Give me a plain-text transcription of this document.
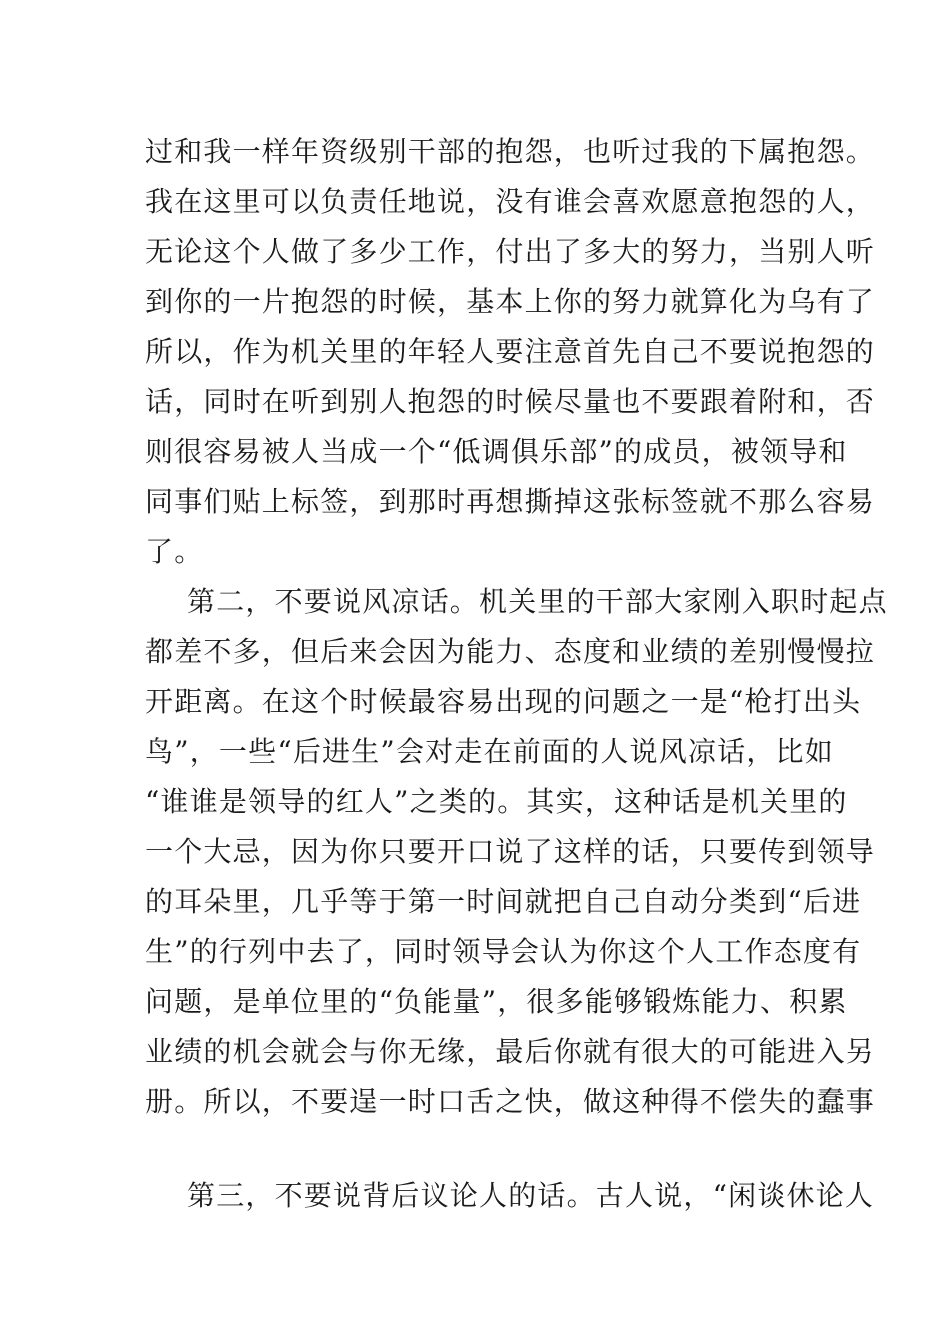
过和我一样年资级别干部的抱怨，也听过我的下属抱怨。
我在这里可以负责任地说，没有谁会喜欢愿意抱怨的人，
无论这个人做了多少工作，付出了多大的努力，当别人听
到你的一片抱怨的时候，基本上你的努力就算化为乌有了
所以，作为机关里的年轻人要注意首先自己不要说抱怨的
话，同时在听到别人抱怨的时候尽量也不要跟着附和，否
则很容易被人当成一个“低调俱乐部”的成员，被领导和
同事们贴上标签，到那时再想撕掉这张标签就不那么容易
了。
第二，不要说风凉话。机关里的干部大家刚入职时起点
都差不多，但后来会因为能力、态度和业绩的差别慢慢拉
开距离。在这个时候最容易出现的问题之一是“枪打出头
鸟”，一些“后进生”会对走在前面的人说风凉话，比如
“谁谁是领导的红人”之类的。其实，这种话是机关里的
一个大忌，因为你只要开口说了这样的话，只要传到领导
的耳朵里，几乎等于第一时间就把自己自动分类到“后进
生”的行列中去了，同时领导会认为你这个人工作态度有
问题，是单位里的“负能量”，很多能够锻炼能力、积累
业绩的机会就会与你无缘，最后你就有很大的可能进入另
册。所以，不要逞一时口舌之快，做这种得不偿失的蠢事
第三，不要说背后议论人的话。古人说，“闲谈休论人
